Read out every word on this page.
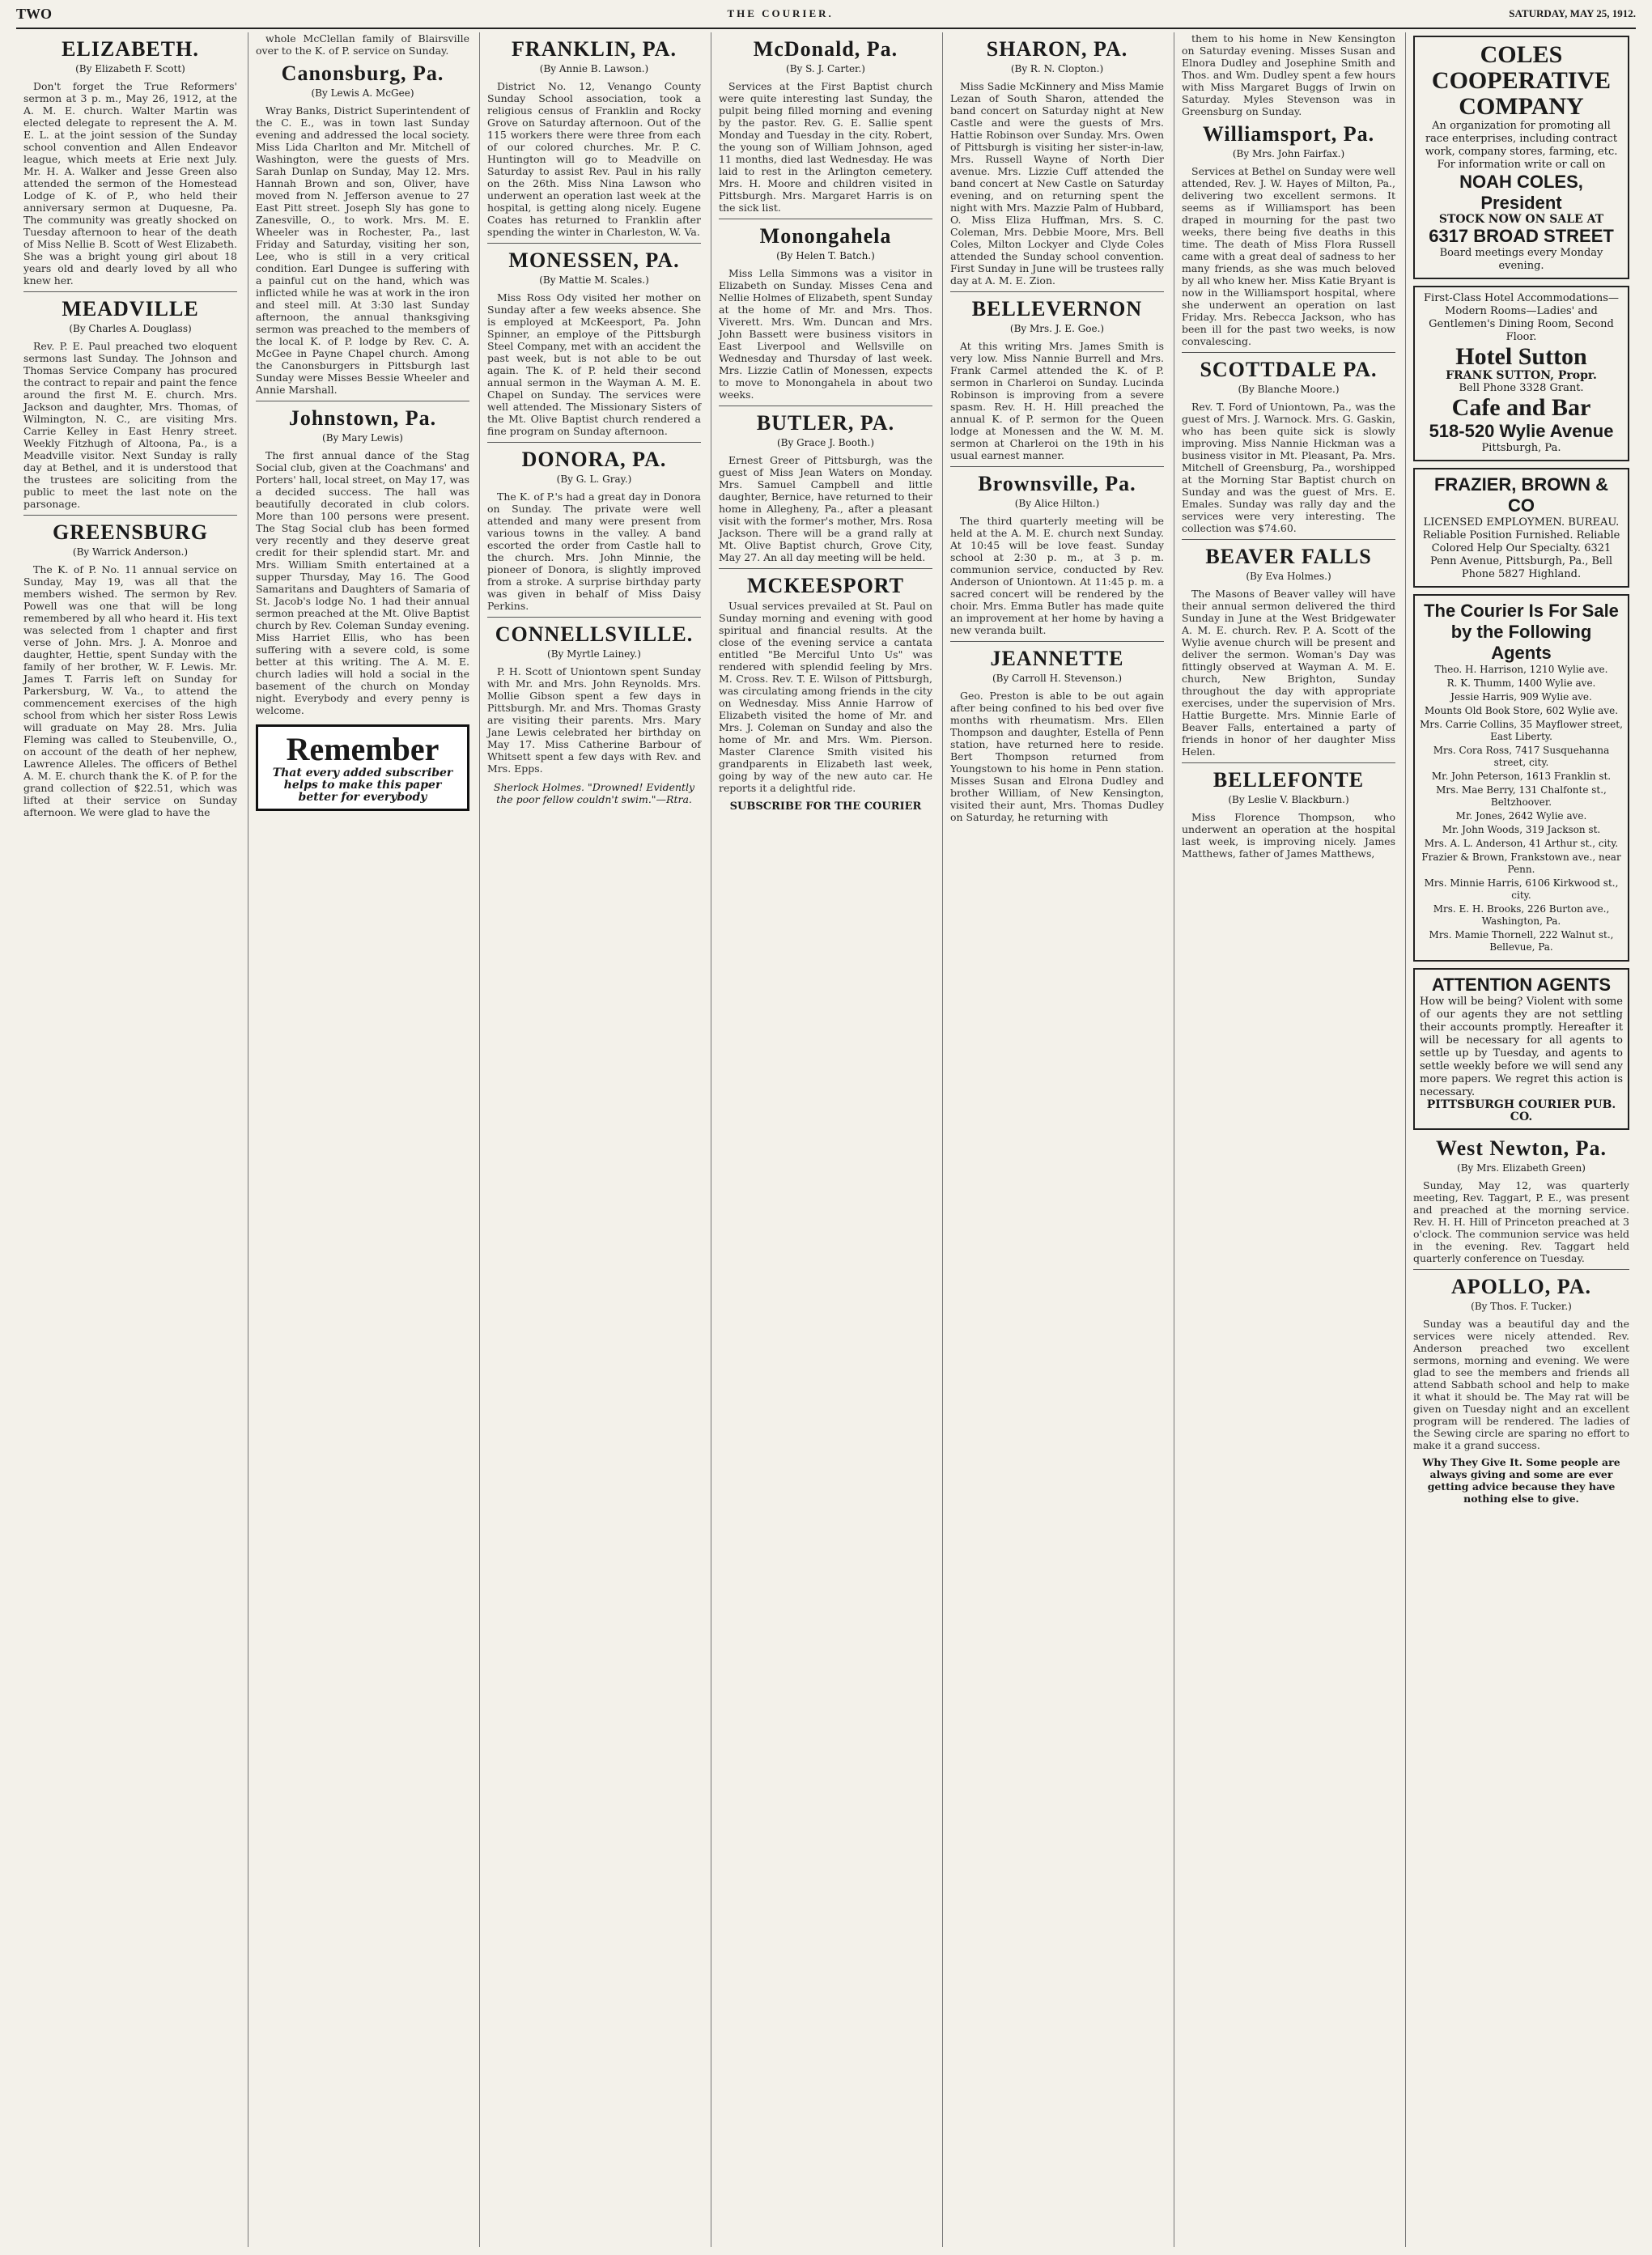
TWO	THE COURIER.	SATURDAY, MAY 25, 1912.
ELIZABETH.
(By Elizabeth F. Scott)

Don't forget the True Reformers' sermon at 3 p. m., May 26, 1912, at the A. M. E. church. Walter Martin was elected delegate to represent the A. M. E. L. at the joint session of the Sunday school convention and Allen Endeavor league, which meets at Erie next July. Mr. H. A. Walker and Jesse Green also attended the sermon of the Homestead Lodge of K. of P., who held their anniversary sermon at Duquesne, Pa. The community was greatly shocked on Tuesday afternoon to hear of the death of Miss Nellie B. Scott of West Elizabeth. She was a bright young girl about 18 years old and dearly loved by all who knew her.

MEADVILLE
(By Charles A. Douglass)

Rev. P. E. Paul preached two eloquent sermons last Sunday. The Johnson and Thomas Service Company has procured the contract to repair and paint the fence around the first M. E. church. Mrs. Jackson and daughter, Mrs. Thomas, of Wilmington, N. C., are visiting Mrs. Carrie Kelley in East Henry street. Weekly Fitzhugh of Altoona, Pa., is a Meadville visitor. Next Sunday is rally day at Bethel, and it is understood that the trustees are soliciting from the public to meet the last note on the parsonage.

GREENSBURG
(By Warrick Anderson.)

The K. of P. No. 11 annual service on Sunday, May 19, was all that the members wished. The sermon by Rev. Powell was one that will be long remembered by all who heard it. His text was selected from 1 chapter and first verse of John. Mrs. J. A. Monroe and daughter, Hettie, spent Sunday with the family of her brother, W. F. Lewis. Mr. James T. Farris left on Sunday for Parkersburg, W. Va., to attend the commencement exercises of the high school from which her sister Ross Lewis will graduate on May 28. Mrs. Julia Fleming was called to Steubenville, O., on account of the death of her nephew, Lawrence Alleles. The officers of Bethel A. M. E. church thank the K. of P. for the grand collection of $22.51, which was lifted at their service on Sunday afternoon. We were glad to have the

whole McClellan family of Blairsville over to the K. of P. service on Sunday.

Canonsburg, Pa.
(By Lewis A. McGee)

Wray Banks, District Superintendent of the C. E., was in town last Sunday evening and addressed the local society. Miss Lida Charlton and Mr. Mitchell of Washington, were the guests of Mrs. Sarah Dunlap on Sunday, May 12. Mrs. Hannah Brown and son, Oliver, have moved from N. Jefferson avenue to 27 East Pitt street. Joseph Sly has gone to Zanesville, O., to work. Mrs. M. E. Wheeler was in Rochester, Pa., last Friday and Saturday, visiting her son, Lee, who is still in a very critical condition. Earl Dungee is suffering with a painful cut on the hand, which was inflicted while he was at work in the iron and steel mill. At 3:30 last Sunday afternoon, the annual thanksgiving sermon was preached to the members of the local K. of P. lodge by Rev. C. A. McGee in Payne Chapel church. Among the Canonsburgers in Pittsburgh last Sunday were Misses Bessie Wheeler and Annie Marshall.

Johnstown, Pa.
(By Mary Lewis)

The first annual dance of the Stag Social club, given at the Coachmans' and Porters' hall, local street, on May 17, was a decided success. The hall was beautifully decorated in club colors. More than 100 persons were present. The Stag Social club has been formed very recently and they deserve great credit for their splendid start. Mr. and Mrs. William Smith entertained at a supper Thursday, May 16. The Good Samaritans and Daughters of Samaria of St. Jacob's lodge No. 1 had their annual sermon preached at the Mt. Olive Baptist church by Rev. Coleman Sunday evening. Miss Harriet Ellis, who has been suffering with a severe cold, is some better at this writing. The A. M. E. church ladies will hold a social in the basement of the church on Monday night. Everybody and every penny is welcome.

Remember
That every added subscriber helps to make this paper better for everybody
FRANKLIN, PA.
(By Annie B. Lawson.)

District No. 12, Venango County Sunday School association, took a religious census of Franklin and Rocky Grove on Saturday afternoon. Out of the 115 workers there were three from each of our colored churches. Mr. P. C. Huntington will go to Meadville on Saturday to assist Rev. Paul in his rally on the 26th. Miss Nina Lawson who underwent an operation last week at the hospital, is getting along nicely. Eugene Coates has returned to Franklin after spending the winter in Charleston, W. Va.

MONESSEN, PA.
(By Mattie M. Scales.)

Miss Ross Ody visited her mother on Sunday after a few weeks absence. She is employed at McKeesport, Pa. John Spinner, an employe of the Pittsburgh Steel Company, met with an accident the past week, but is not able to be out again. The K. of P. held their second annual sermon in the Wayman A. M. E. Chapel on Sunday. The services were well attended. The Missionary Sisters of the Mt. Olive Baptist church rendered a fine program on Sunday afternoon.

DONORA, PA.
(By G. L. Gray.)

The K. of P.'s had a great day in Donora on Sunday. The private were well attended and many were present from various towns in the valley. A band escorted the order from Castle hall to the church. Mrs. John Minnie, the pioneer of Donora, is slightly improved from a stroke. A surprise birthday party was given in behalf of Miss Daisy Perkins.

CONNELLSVILLE.
(By Myrtle Lainey.)

P. H. Scott of Uniontown spent Sunday with Mr. and Mrs. John Reynolds. Mrs. Mollie Gibson spent a few days in Pittsburgh. Mr. and Mrs. Thomas Grasty are visiting their parents. Mrs. Mary Jane Lewis celebrated her birthday on May 17. Miss Catherine Barbour of Whitsett spent a few days with Rev. and Mrs. Epps.

Sherlock Holmes. "Drowned! Evidently the poor fellow couldn't swim."—Rtra.

McDonald, Pa.
(By S. J. Carter.)

Services at the First Baptist church were quite interesting last Sunday, the pulpit being filled morning and evening by the pastor. Rev. G. E. Sallie spent Monday and Tuesday in the city. Robert, the young son of William Johnson, aged 11 months, died last Wednesday. He was laid to rest in the Arlington cemetery. Mrs. H. Moore and children visited in Pittsburgh. Mrs. Margaret Harris is on the sick list.

Monongahela
(By Helen T. Batch.)

Miss Lella Simmons was a visitor in Elizabeth on Sunday. Misses Cena and Nellie Holmes of Elizabeth, spent Sunday at the home of Mr. and Mrs. Thos. Viverett. Mrs. Wm. Duncan and Mrs. John Bassett were business visitors in East Liverpool and Wellsville on Wednesday and Thursday of last week. Mrs. Lizzie Catlin of Monessen, expects to move to Monongahela in about two weeks.

BUTLER, PA.
(By Grace J. Booth.)

Ernest Greer of Pittsburgh, was the guest of Miss Jean Waters on Monday. Mrs. Samuel Campbell and little daughter, Bernice, have returned to their home in Allegheny, Pa., after a pleasant visit with the former's mother, Mrs. Rosa Jackson. There will be a grand rally at Mt. Olive Baptist church, Grove City, May 27. An all day meeting will be held.

MCKEESPORT

Usual services prevailed at St. Paul on Sunday morning and evening with good spiritual and financial results. At the close of the evening service a cantata entitled "Be Merciful Unto Us" was rendered with splendid feeling by Mrs. M. Cross. Rev. T. E. Wilson of Pittsburgh, was circulating among friends in the city on Wednesday. Miss Annie Harrow of Elizabeth visited the home of Mr. and Mrs. J. Coleman on Sunday and also the home of Mr. and Mrs. Wm. Pierson. Master Clarence Smith visited his grandparents in Elizabeth last week, going by way of the new auto car. He reports it a delightful ride.

SUBSCRIBE FOR THE COURIER
SHARON, PA.
(By R. N. Clopton.)

Miss Sadie McKinnery and Miss Mamie Lezan of South Sharon, attended the band concert on Saturday night at New Castle and were the guests of Mrs. Hattie Robinson over Sunday. Mrs. Owen of Pittsburgh is visiting her sister-in-law, Mrs. Russell Wayne of North Dier avenue. Mrs. Lizzie Cuff attended the band concert at New Castle on Saturday evening, and on returning spent the night with Mrs. Mazzie Palm of Hubbard, O. Miss Eliza Huffman, Mrs. S. C. Coleman, Mrs. Debbie Moore, Mrs. Bell Coles, Milton Lockyer and Clyde Coles attended the Sunday school convention. First Sunday in June will be trustees rally day at A. M. E. Zion.

BELLEVERNON
(By Mrs. J. E. Goe.)

At this writing Mrs. James Smith is very low. Miss Nannie Burrell and Mrs. Frank Carmel attended the K. of P. sermon in Charleroi on Sunday. Lucinda Robinson is improving from a severe spasm. Rev. H. H. Hill preached the annual K. of P. sermon for the Queen lodge at Monessen and the W. M. M. sermon at Charleroi on the 19th in his usual earnest manner.

Brownsville, Pa.
(By Alice Hilton.)

The third quarterly meeting will be held at the A. M. E. church next Sunday. At 10:45 will be love feast. Sunday school at 2:30 p. m., at 3 p. m. communion service, conducted by Rev. Anderson of Uniontown. At 11:45 p. m. a sacred concert will be rendered by the choir. Mrs. Emma Butler has made quite an improvement at her home by having a new veranda built.

JEANNETTE
(By Carroll H. Stevenson.)

Geo. Preston is able to be out again after being confined to his bed over five months with rheumatism. Mrs. Ellen Thompson and daughter, Estella of Penn station, have returned here to reside. Bert Thompson returned from Youngstown to his home in Penn station. Misses Susan and Elrona Dudley and brother William, of New Kensington, visited their aunt, Mrs. Thomas Dudley on Saturday, he returning with

them to his home in New Kensington on Saturday evening. Misses Susan and Elnora Dudley and Josephine Smith and Thos. and Wm. Dudley spent a few hours with Miss Margaret Buggs of Irwin on Saturday. Myles Stevenson was in Greensburg on Sunday.

Williamsport, Pa.
(By Mrs. John Fairfax.)

Services at Bethel on Sunday were well attended, Rev. J. W. Hayes of Milton, Pa., delivering two excellent sermons. It seems as if Williamsport has been draped in mourning for the past two weeks, there being five deaths in this time. The death of Miss Flora Russell came with a great deal of sadness to her many friends, as she was much beloved by all who knew her. Miss Katie Bryant is now in the Williamsport hospital, where she underwent an operation on last Friday. Mrs. Rebecca Jackson, who has been ill for the past two weeks, is now convalescing.

SCOTTDALE PA.
(By Blanche Moore.)

Rev. T. Ford of Uniontown, Pa., was the guest of Mrs. J. Warnock. Mrs. G. Gaskin, who has been quite sick is slowly improving. Miss Nannie Hickman was a business visitor in Mt. Pleasant, Pa. Mrs. Mitchell of Greensburg, Pa., worshipped at the Morning Star Baptist church on Sunday and was the guest of Mrs. E. Emales. Sunday was rally day and the services were very interesting. The collection was $74.60.

BEAVER FALLS
(By Eva Holmes.)

The Masons of Beaver valley will have their annual sermon delivered the third Sunday in June at the West Bridgewater A. M. E. church. Rev. P. A. Scott of the Wylie avenue church will be present and deliver the sermon. Woman's Day was fittingly observed at Wayman A. M. E. church, New Brighton, Sunday throughout the day with appropriate exercises, under the supervision of Mrs. Hattie Burgette. Mrs. Minnie Earle of Beaver Falls, entertained a party of friends in honor of her daughter Miss Helen.

BELLEFONTE
(By Leslie V. Blackburn.)

Miss Florence Thompson, who underwent an operation at the hospital last week, is improving nicely. James Matthews, father of James Matthews,

COLES COOPERATIVE COMPANY
An organization for promoting all race enterprises, including contract work, company stores, farming, etc. For information write or call on
NOAH COLES, President
STOCK NOW ON SALE AT
6317 BROAD STREET
Board meetings every Monday evening.
First-Class Hotel Accommodations—Modern Rooms—Ladies' and Gentlemen's Dining Room, Second Floor.
Hotel Sutton
FRANK SUTTON, Propr.
Bell Phone 3328 Grant.
Cafe and Bar
518-520 Wylie Avenue
Pittsburgh, Pa.
FRAZIER, BROWN & CO
LICENSED EMPLOYMEN. BUREAU. Reliable Position Furnished. Reliable Colored Help Our Specialty. 6321 Penn Avenue, Pittsburgh, Pa., Bell Phone 5827 Highland.
The Courier Is For Sale by the Following Agents

Theo. H. Harrison, 1210 Wylie ave.

R. K. Thumm, 1400 Wylie ave.

Jessie Harris, 909 Wylie ave.

Mounts Old Book Store, 602 Wylie ave.

Mrs. Carrie Collins, 35 Mayflower street, East Liberty.

Mrs. Cora Ross, 7417 Susquehanna street, city.

Mr. John Peterson, 1613 Franklin st.

Mrs. Mae Berry, 131 Chalfonte st., Beltzhoover.

Mr. Jones, 2642 Wylie ave.

Mr. John Woods, 319 Jackson st.

Mrs. A. L. Anderson, 41 Arthur st., city.

Frazier & Brown, Frankstown ave., near Penn.

Mrs. Minnie Harris, 6106 Kirkwood st., city.

Mrs. E. H. Brooks, 226 Burton ave., Washington, Pa.

Mrs. Mamie Thornell, 222 Walnut st., Bellevue, Pa.

ATTENTION AGENTS
How will be being? Violent with some of our agents they are not settling their accounts promptly. Hereafter it will be necessary for all agents to settle up by Tuesday, and agents to settle weekly before we will send any more papers. We regret this action is necessary.
PITTSBURGH COURIER PUB. CO.
West Newton, Pa.
(By Mrs. Elizabeth Green)

Sunday, May 12, was quarterly meeting, Rev. Taggart, P. E., was present and preached at the morning service. Rev. H. H. Hill of Princeton preached at 3 o'clock. The communion service was held in the evening. Rev. Taggart held quarterly conference on Tuesday.

APOLLO, PA.
(By Thos. F. Tucker.)

Sunday was a beautiful day and the services were nicely attended. Rev. Anderson preached two excellent sermons, morning and evening. We were glad to see the members and friends all attend Sabbath school and help to make it what it should be. The May rat will be given on Tuesday night and an excellent program will be rendered. The ladies of the Sewing circle are sparing no effort to make it a grand success.

Why They Give It. Some people are always giving and some are ever getting advice because they have nothing else to give.
